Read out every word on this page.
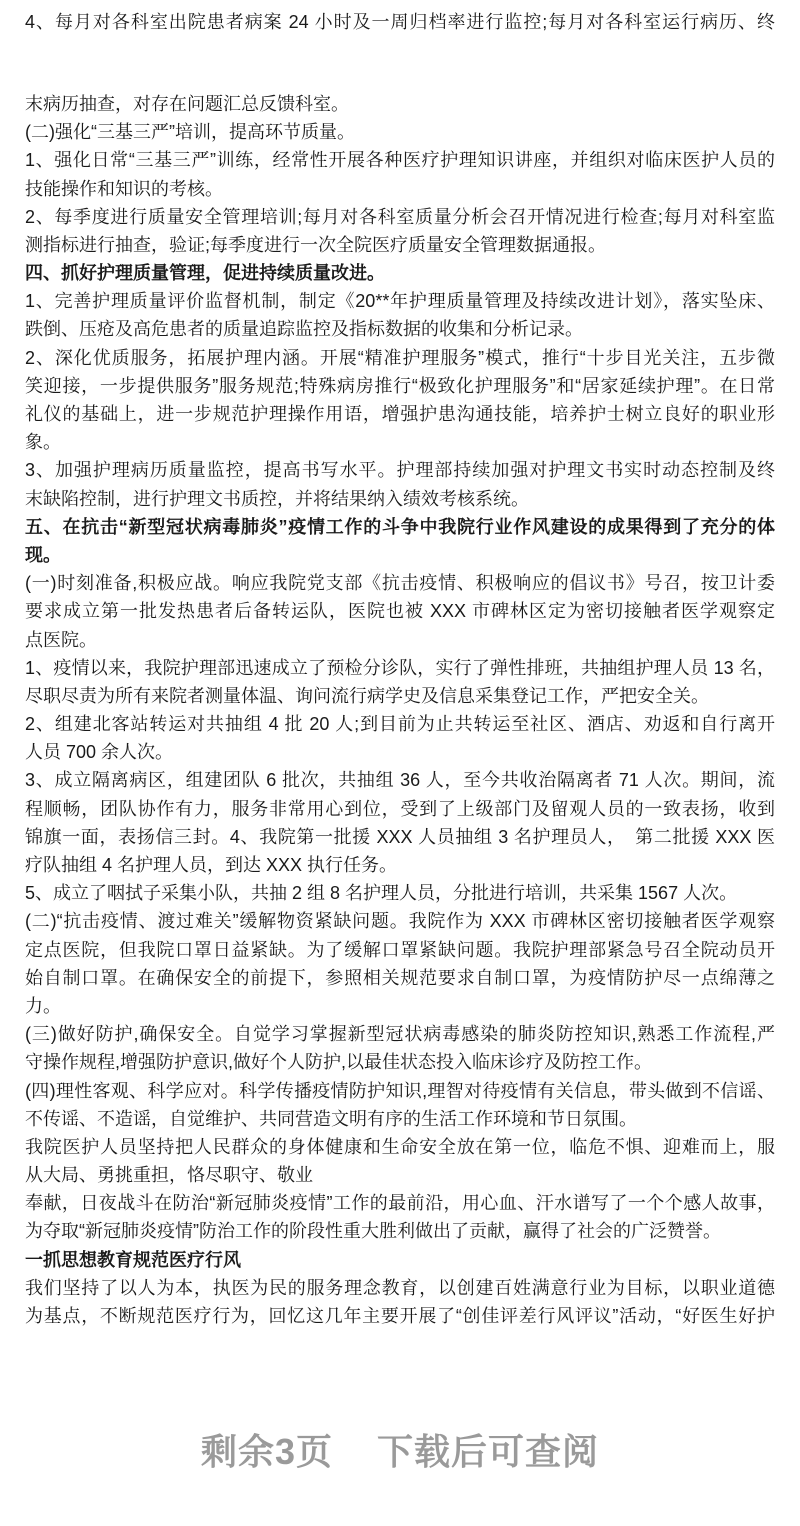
4、每月对各科室出院患者病案 24 小时及一周归档率进行监控;每月对各科室运行病历、终
末病历抽查，对存在问题汇总反馈科室。
(二)强化“三基三严”培训，提高环节质量。
1、强化日常“三基三严”训练，经常性开展各种医疗护理知识讲座，并组织对临床医护人员的
技能操作和知识的考核。
2、每季度进行质量安全管理培训;每月对各科室质量分析会召开情况进行检查;每月对科室监
测指标进行抽查，验证;每季度进行一次全院医疗质量安全管理数据通报。
四、抓好护理质量管理，促进持续质量改进。
1、完善护理质量评价监督机制，制定《20**年护理质量管理及持续改进计划》，落实坠床、
跌倒、压疮及高危患者的质量追踪监控及指标数据的收集和分析记录。
2、深化优质服务，拓展护理内涵。开展“精准护理服务”模式，推行“十步目光关注，五步微
笑迎接，一步提供服务”服务规范;特殊病房推行“极致化护理服务”和“居家延续护理”。在日常
礼仪的基础上，进一步规范护理操作用语，增强护患沟通技能，培养护士树立良好的职业形
象。
3、加强护理病历质量监控，提高书写水平。护理部持续加强对护理文书实时动态控制及终
末缺陷控制，进行护理文书质控，并将结果纳入绩效考核系统。
五、在抗击“新型冠状病毒肺炎”疫情工作的斗争中我院行业作风建设的成果得到了充分的体
现。
(一)时刻准备,积极应战。响应我院党支部《抗击疫情、积极响应的倡议书》号召，按卫计委
要求成立第一批发热患者后备转运队，医院也被 XXX 市碑林区定为密切接触者医学观察定
点医院。
1、疫情以来，我院护理部迅速成立了预检分诊队，实行了弹性排班，共抽组护理人员 13 名，
尽职尽责为所有来院者测量体温、询问流行病学史及信息采集登记工作，严把安全关。
2、组建北客站转运对共抽组 4 批 20 人;到目前为止共转运至社区、酒店、劝返和自行离开
人员 700 余人次。
3、成立隔离病区，组建团队 6 批次，共抽组 36 人，至今共收治隔离者 71 人次。期间，流
程顺畅，团队协作有力，服务非常用心到位，受到了上级部门及留观人员的一致表扬，收到
锦旗一面，表扬信三封。4、我院第一批援 XXX 人员抽组 3 名护理员人，　第二批援 XXX 医
疗队抽组 4 名护理人员，到达 XXX 执行任务。
5、成立了咽拭子采集小队，共抽 2 组 8 名护理人员，分批进行培训，共采集 1567 人次。
(二)“抗击疫情、渡过难关”缓解物资紧缺问题。我院作为 XXX 市碑林区密切接触者医学观察
定点医院，但我院口罩日益紧缺。为了缓解口罩紧缺问题。我院护理部紧急号召全院动员开
始自制口罩。在确保安全的前提下，参照相关规范要求自制口罩，为疫情防护尽一点绵薄之
力。
(三)做好防护,确保安全。自觉学习掌握新型冠状病毒感染的肺炎防控知识,熟悉工作流程,严
守操作规程,增强防护意识,做好个人防护,以最佳状态投入临床诊疗及防控工作。
(四)理性客观、科学应对。科学传播疫情防护知识,理智对待疫情有关信息，带头做到不信谣、
不传谣、不造谣，自觉维护、共同营造文明有序的生活工作环境和节日氛围。
我院医护人员坚持把人民群众的身体健康和生命安全放在第一位，临危不惧、迎难而上，服
从大局、勇挑重担，恪尽职守、敬业
奉献，日夜战斗在防治“新冠肺炎疫情”工作的最前沿，用心血、汗水谱写了一个个感人故事，
为夺取“新冠肺炎疫情”防治工作的阶段性重大胜利做出了贡献，赢得了社会的广泛赞誉。
一抓思想教育规范医疗行风
我们坚持了以人为本，执医为民的服务理念教育，以创建百姓满意行业为目标，以职业道德
为基点，不断规范医疗行为，回忆这几年主要开展了“创佳评差行风评议”活动，“好医生好护
剩余3页 下载后可查阅
